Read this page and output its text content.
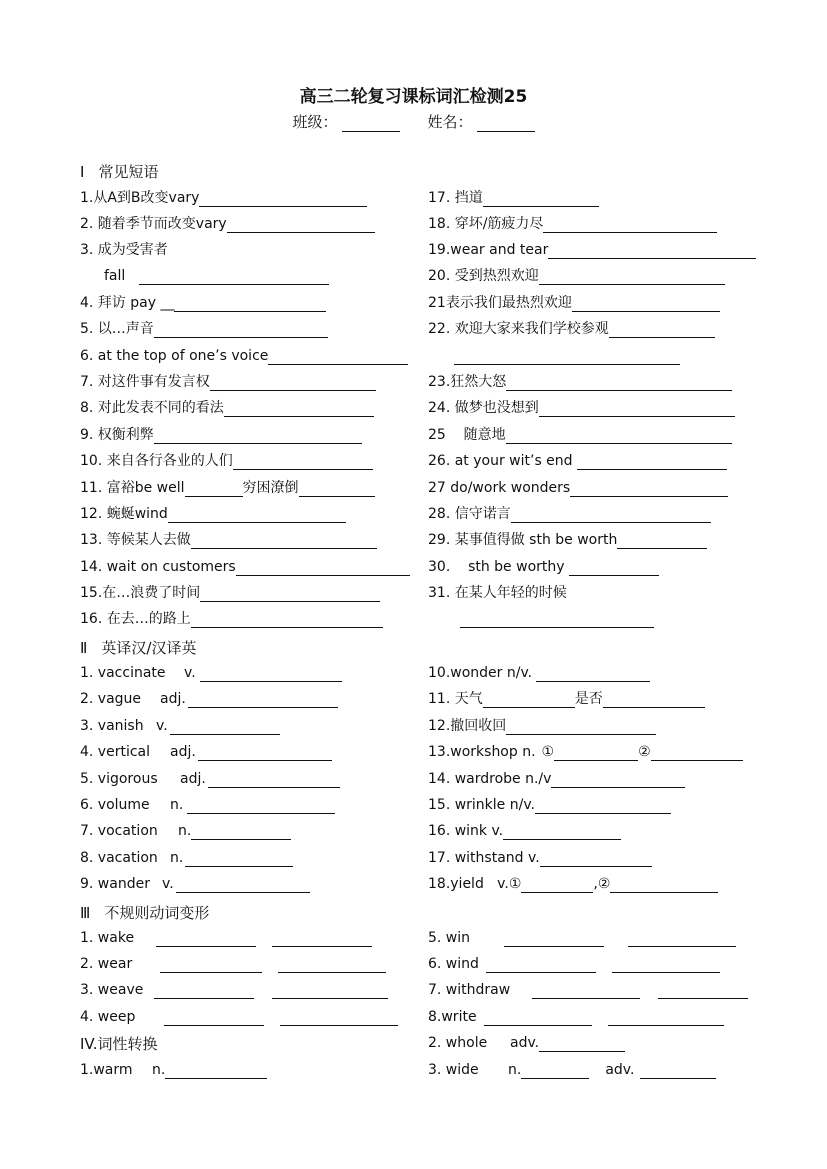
高三二轮复习课标词汇检测25
班级：	姓名：
Ⅰ 常见短语
1.从A到B改变vary
2. 随着季节而改变vary
3. 成为受害者
fall
4. 拜访 pay __
5. 以…声音
6. at the top of one’s voice
7. 对这件事有发言权
8. 对此发表不同的看法
9. 权衡利弊
10. 来自各行各业的人们
11. 富裕be well	穷困潦倒
12. 蜿蜒wind
13. 等候某人去做
14. wait on customers
15.在…浪费了时间
16. 在去…的路上
17. 挡道
18. 穿坏/筋疲力尽
19.wear and tear
20. 受到热烈欢迎
21表示我们最热烈欢迎
22. 欢迎大家来我们学校参观
23.狂然大怒
24. 做梦也没想到
25    随意地
26. at your wit’s end
27 do/work wonders
28. 信守诺言
29. 某事值得做 sth be worth
30.    sth be worthy
31. 在某人年轻的时候
Ⅱ 英译汉/汉译英
1. vaccinate v.
2. vague adj.
3. vanish v.
4. vertical adj.
5. vigorous adj.
6. volume n.
7. vocation n.
8. vacation n.
9. wander v.
10.wonder n/v.
11. 天气	是否
12.撤回收回
13.workshop n. ①	②
14. wardrobe n./v
15. wrinkle n/v.
16. wink v.
17. withstand v.
18.yield   v.①	,②
Ⅲ 不规则动词变形
1. wake
2. wear
3. weave
4. weep
5. win
6. wind
7. withdraw
8.write
IV.词性转换
1.warm n.
2. whole adv.
3. wide n.	adv.
